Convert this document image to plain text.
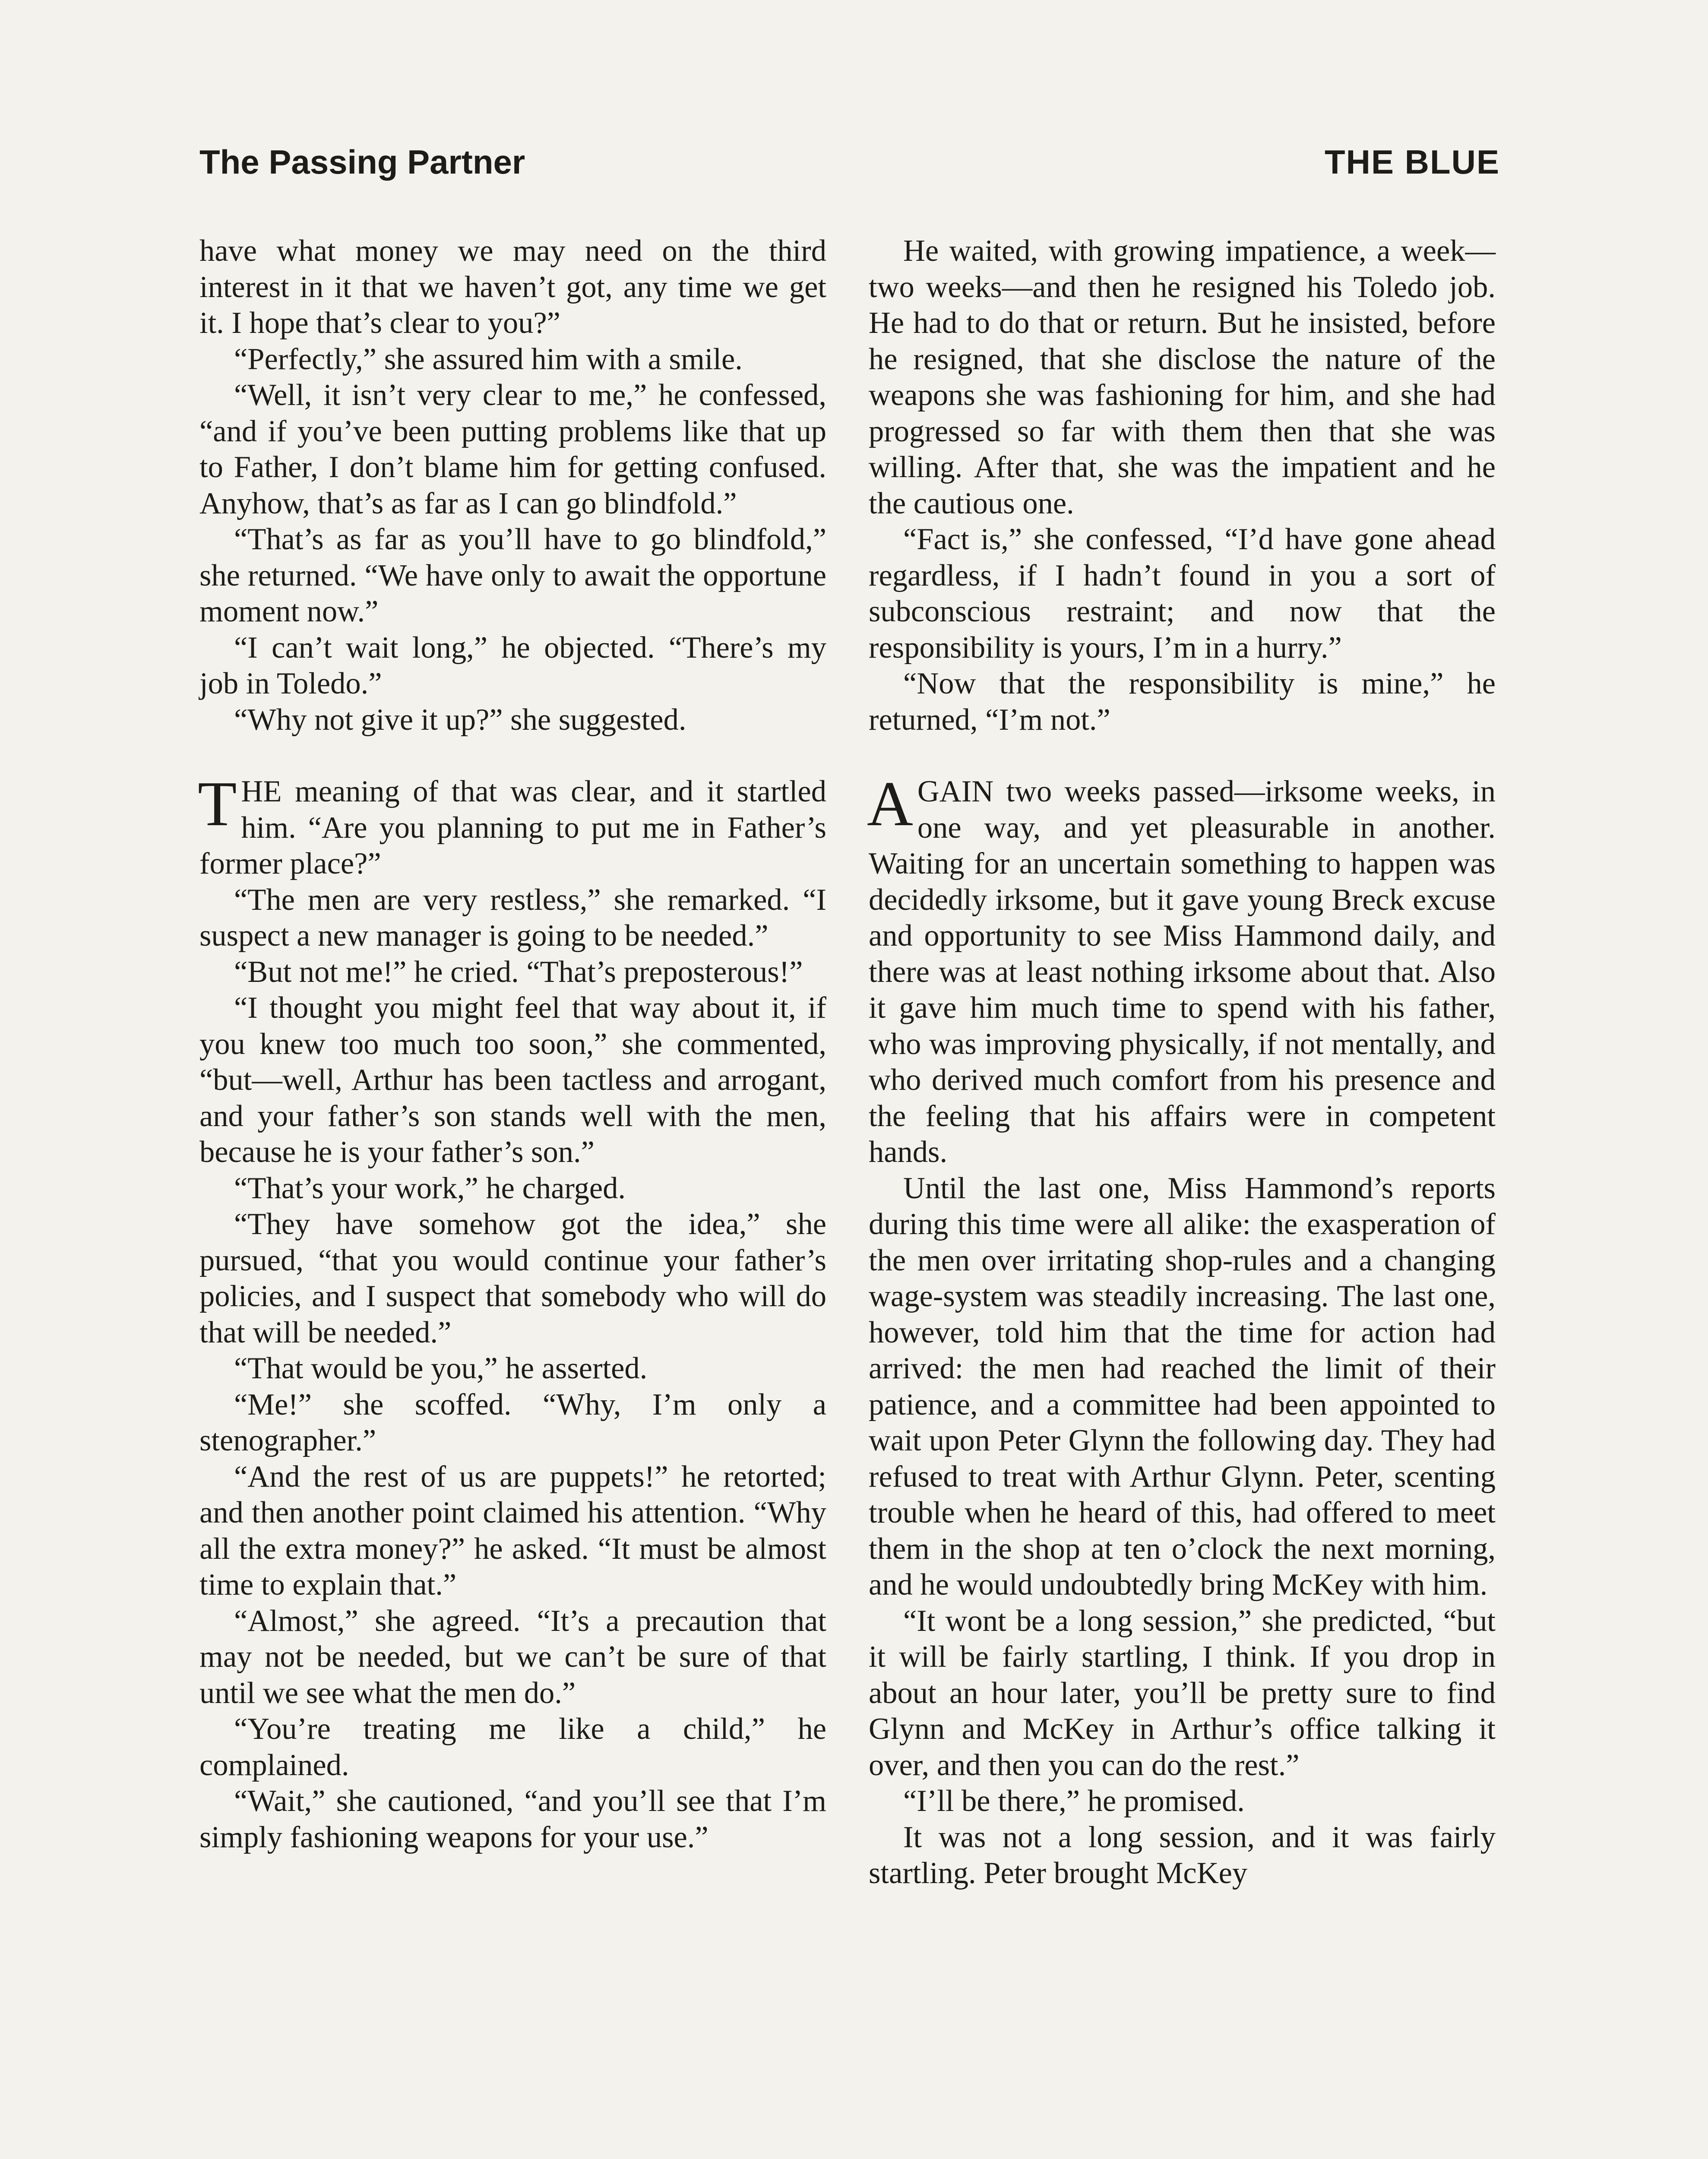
The Passing Partner	THE BLUE

have what money we may need on the third interest in it that we haven’t got, any time we get it. I hope that’s clear to you?”

“Perfectly,” she assured him with a smile.

“Well, it isn’t very clear to me,” he confessed, “and if you’ve been putting problems like that up to Father, I don’t blame him for getting confused. Anyhow, that’s as far as I can go blindfold.”

“That’s as far as you’ll have to go blindfold,” she returned. “We have only to await the opportune moment now.”

“I can’t wait long,” he objected. “There’s my job in Toledo.”

“Why not give it up?” she suggested.

THE meaning of that was clear, and it startled him. “Are you planning to put me in Father’s former place?”

“The men are very restless,” she remarked. “I suspect a new manager is going to be needed.”

“But not me!” he cried. “That’s preposterous!”

“I thought you might feel that way about it, if you knew too much too soon,” she commented, “but—well, Arthur has been tactless and arrogant, and your father’s son stands well with the men, because he is your father’s son.”

“That’s your work,” he charged.

“They have somehow got the idea,” she pursued, “that you would continue your father’s policies, and I suspect that somebody who will do that will be needed.”

“That would be you,” he asserted.

“Me!” she scoffed. “Why, I’m only a stenographer.”

“And the rest of us are puppets!” he retorted; and then another point claimed his attention. “Why all the extra money?” he asked. “It must be almost time to explain that.”

“Almost,” she agreed. “It’s a precaution that may not be needed, but we can’t be sure of that until we see what the men do.”

“You’re treating me like a child,” he complained.

“Wait,” she cautioned, “and you’ll see that I’m simply fashioning weapons for your use.”

He waited, with growing impatience, a week—two weeks—and then he resigned his Toledo job. He had to do that or return. But he insisted, before he resigned, that she disclose the nature of the weapons she was fashioning for him, and she had progressed so far with them then that she was willing. After that, she was the impatient and he the cautious one.

“Fact is,” she confessed, “I’d have gone ahead regardless, if I hadn’t found in you a sort of subconscious restraint; and now that the responsibility is yours, I’m in a hurry.”

“Now that the responsibility is mine,” he returned, “I’m not.”

AGAIN two weeks passed—irksome weeks, in one way, and yet pleasurable in another. Waiting for an uncertain something to happen was decidedly irksome, but it gave young Breck excuse and opportunity to see Miss Hammond daily, and there was at least nothing irksome about that. Also it gave him much time to spend with his father, who was improving physically, if not mentally, and who derived much comfort from his presence and the feeling that his affairs were in competent hands.

Until the last one, Miss Hammond’s reports during this time were all alike: the exasperation of the men over irritating shop-rules and a changing wage-system was steadily increasing. The last one, however, told him that the time for action had arrived: the men had reached the limit of their patience, and a committee had been appointed to wait upon Peter Glynn the following day. They had refused to treat with Arthur Glynn. Peter, scenting trouble when he heard of this, had offered to meet them in the shop at ten o’clock the next morning, and he would undoubtedly bring McKey with him.

“It wont be a long session,” she predicted, “but it will be fairly startling, I think. If you drop in about an hour later, you’ll be pretty sure to find Glynn and McKey in Arthur’s office talking it over, and then you can do the rest.”

“I’ll be there,” he promised.

It was not a long session, and it was fairly startling. Peter brought McKey
